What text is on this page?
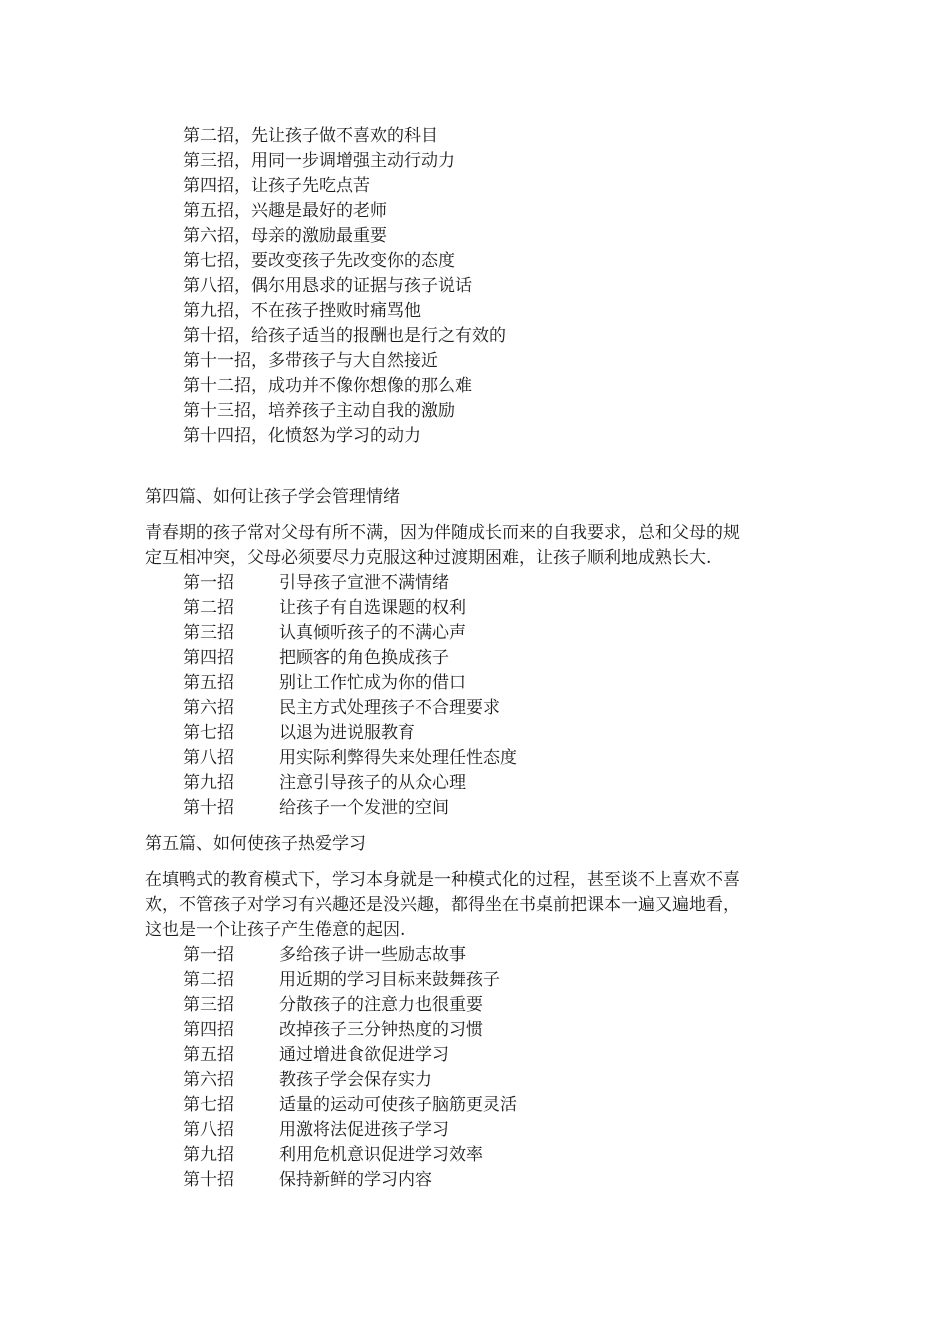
第二招，先让孩子做不喜欢的科目
第三招，用同一步调增强主动行动力
第四招，让孩子先吃点苦
第五招，兴趣是最好的老师
第六招，母亲的激励最重要
第七招，要改变孩子先改变你的态度
第八招，偶尔用恳求的证据与孩子说话
第九招，不在孩子挫败时痛骂他
第十招，给孩子适当的报酬也是行之有效的
第十一招，多带孩子与大自然接近
第十二招，成功并不像你想像的那么难
第十三招，培养孩子主动自我的激励
第十四招，化愤怒为学习的动力
第四篇、如何让孩子学会管理情绪

青春期的孩子常对父母有所不满，因为伴随成长而来的自我要求，总和父母的规
定互相冲突，父母必须要尽力克服这种过渡期困难，让孩子顺利地成熟长大.

第一招	引导孩子宣泄不满情绪
第二招	让孩子有自选课题的权利
第三招	认真倾听孩子的不满心声
第四招	把顾客的角色换成孩子
第五招	别让工作忙成为你的借口
第六招	民主方式处理孩子不合理要求
第七招	以退为进说服教育
第八招	用实际利弊得失来处理任性态度
第九招	注意引导孩子的从众心理
第十招	给孩子一个发泄的空间
第五篇、如何使孩子热爱学习

在填鸭式的教育模式下，学习本身就是一种模式化的过程，甚至谈不上喜欢不喜
欢，不管孩子对学习有兴趣还是没兴趣，都得坐在书桌前把课本一遍又遍地看，
这也是一个让孩子产生倦意的起因.

第一招	多给孩子讲一些励志故事
第二招	用近期的学习目标来鼓舞孩子
第三招	分散孩子的注意力也很重要
第四招	改掉孩子三分钟热度的习惯
第五招	通过增进食欲促进学习
第六招	教孩子学会保存实力
第七招	适量的运动可使孩子脑筋更灵活
第八招	用激将法促进孩子学习
第九招	利用危机意识促进学习效率
第十招	保持新鲜的学习内容
